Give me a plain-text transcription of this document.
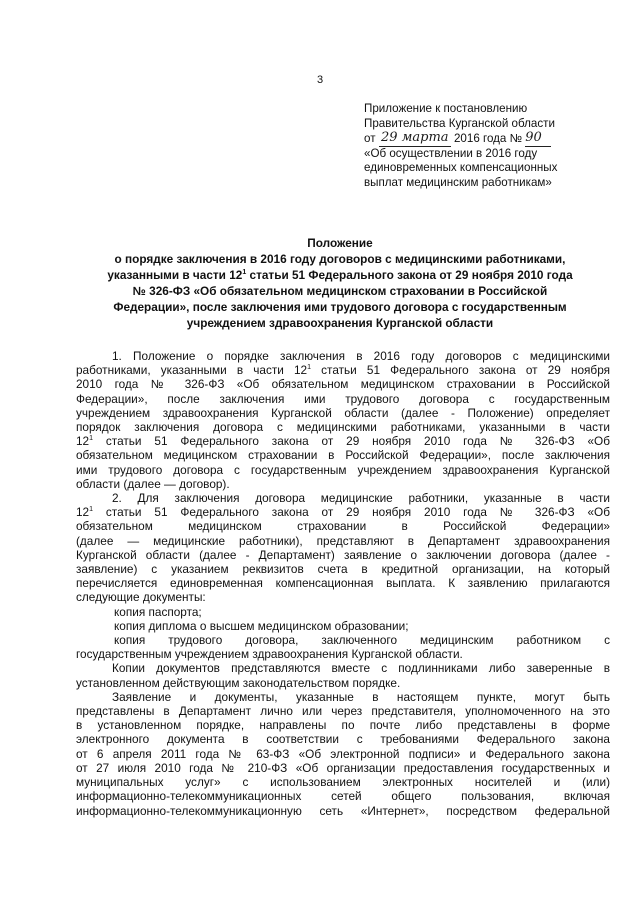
3
Приложение к постановлению
Правительства Курганской области
от 29 марта 2016 года № 90
«Об осуществлении в 2016 году
единовременных компенсационных
выплат медицинским работникам»
Положение
о порядке заключения в 2016 году договоров с медицинскими работниками,
указанными в части $12^1$ статьи 51 Федерального закона от 29 ноября 2010 года
№ 326-ФЗ «Об обязательном медицинском страховании в Российской
Федерации», после заключения ими трудового договора с государственным
учреждением здравоохранения Курганской области
1. Положение о порядке заключения в 2016 году договоров с медицинскими
работниками, указанными в части $12^1$ статьи 51 Федерального закона от 29 ноября
2010 года № 326-ФЗ «Об обязательном медицинском страховании в Российской
Федерации», после заключения ими трудового договора с государственным
учреждением здравоохранения Курганской области (далее - Положение) определяет
порядок заключения договора с медицинскими работниками, указанными в части
$12^1$ статьи 51 Федерального закона от 29 ноября 2010 года № 326-ФЗ «Об
обязательном медицинском страховании в Российской Федерации», после заключения
ими трудового договора с государственным учреждением здравоохранения Курганской
области (далее — договор).
2. Для заключения договора медицинские работники, указанные в части
$12^1$ статьи 51 Федерального закона от 29 ноября 2010 года № 326-ФЗ «Об
обязательном медицинском страховании в Российской Федерации»
(далее — медицинские работники), представляют в Департамент здравоохранения
Курганской области (далее - Департамент) заявление о заключении договора (далее -
заявление) с указанием реквизитов счета в кредитной организации, на который
перечисляется единовременная компенсационная выплата. К заявлению прилагаются
следующие документы:
копия паспорта;
копия диплома о высшем медицинском образовании;
копия трудового договора, заключенного медицинским работником с
государственным учреждением здравоохранения Курганской области.
Копии документов представляются вместе с подлинниками либо заверенные в
установленном действующим законодательством порядке.
Заявление и документы, указанные в настоящем пункте, могут быть
представлены в Департамент лично или через представителя, уполномоченного на это
в установленном порядке, направлены по почте либо представлены в форме
электронного документа в соответствии с требованиями Федерального закона
от 6 апреля 2011 года № 63-ФЗ «Об электронной подписи» и Федерального закона
от 27 июля 2010 года № 210-ФЗ «Об организации предоставления государственных и
муниципальных услуг» с использованием электронных носителей и (или)
информационно-телекоммуникационных сетей общего пользования, включая
информационно-телекоммуникационную сеть «Интернет», посредством федеральной
